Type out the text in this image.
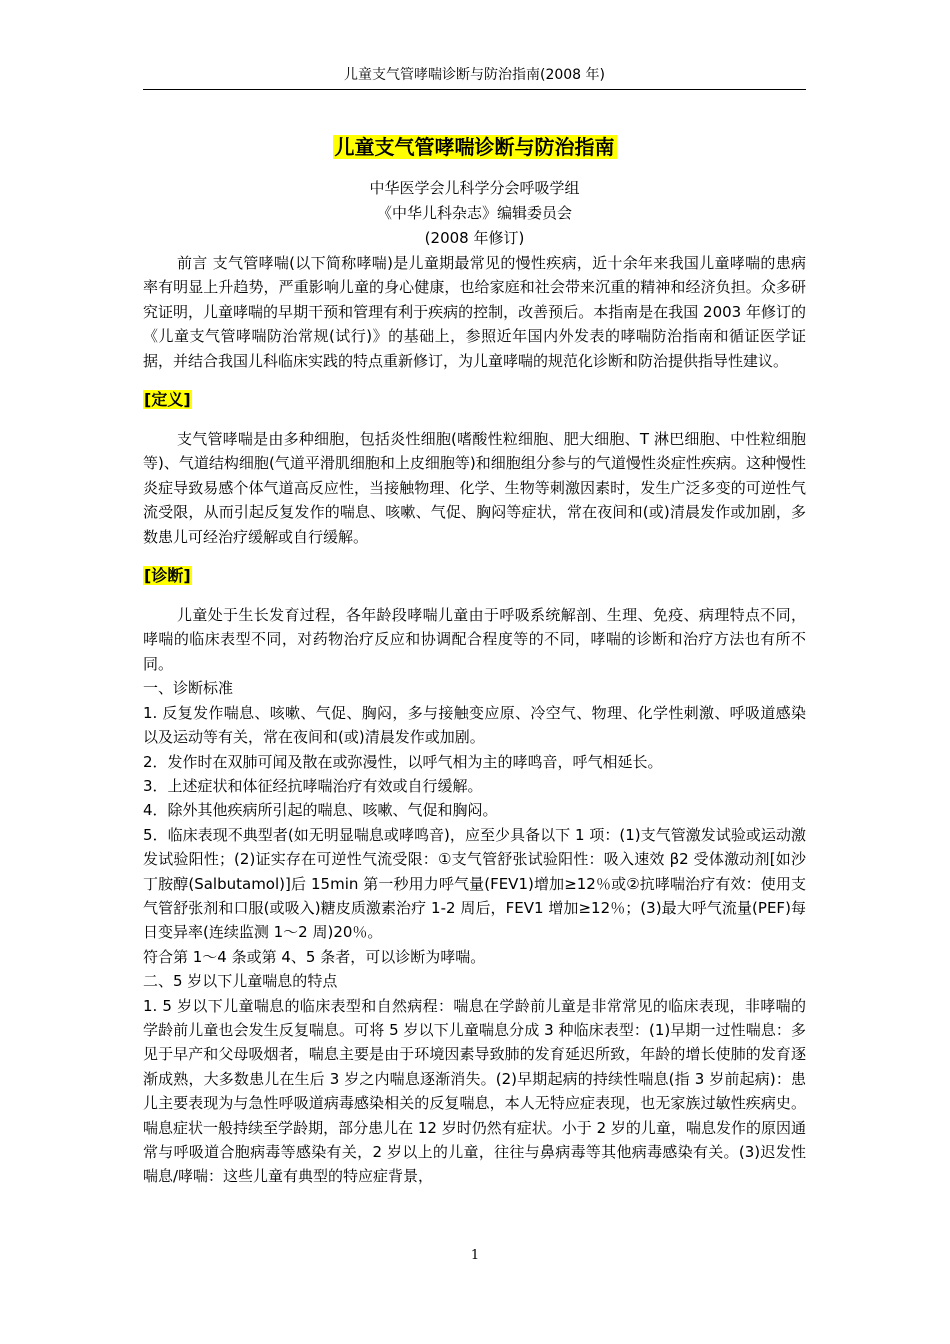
儿童支气管哮喘诊断与防治指南(2008 年)
儿童支气管哮喘诊断与防治指南

中华医学会儿科学分会呼吸学组

《中华儿科杂志》编辑委员会

(2008 年修订)

前言 支气管哮喘(以下简称哮喘)是儿童期最常见的慢性疾病，近十余年来我国儿童哮喘的患病率有明显上升趋势，严重影响儿童的身心健康，也给家庭和社会带来沉重的精神和经济负担。众多研究证明，儿童哮喘的早期干预和管理有利于疾病的控制，改善预后。本指南是在我国 2003 年修订的《儿童支气管哮喘防治常规(试行)》的基础上，参照近年国内外发表的哮喘防治指南和循证医学证据，并结合我国儿科临床实践的特点重新修订，为儿童哮喘的规范化诊断和防治提供指导性建议。

[定义]

支气管哮喘是由多种细胞，包括炎性细胞(嗜酸性粒细胞、肥大细胞、T 淋巴细胞、中性粒细胞等)、气道结构细胞(气道平滑肌细胞和上皮细胞等)和细胞组分参与的气道慢性炎症性疾病。这种慢性炎症导致易感个体气道高反应性，当接触物理、化学、生物等刺激因素时，发生广泛多变的可逆性气流受限，从而引起反复发作的喘息、咳嗽、气促、胸闷等症状，常在夜间和(或)清晨发作或加剧，多数患儿可经治疗缓解或自行缓解。

[诊断]

儿童处于生长发育过程，各年龄段哮喘儿童由于呼吸系统解剖、生理、免疫、病理特点不同，哮喘的临床表型不同，对药物治疗反应和协调配合程度等的不同，哮喘的诊断和治疗方法也有所不同。

一、诊断标准

1. 反复发作喘息、咳嗽、气促、胸闷，多与接触变应原、冷空气、物理、化学性刺激、呼吸道感染以及运动等有关，常在夜间和(或)清晨发作或加剧。

2．发作时在双肺可闻及散在或弥漫性，以呼气相为主的哮鸣音，呼气相延长。

3．上述症状和体征经抗哮喘治疗有效或自行缓解。

4．除外其他疾病所引起的喘息、咳嗽、气促和胸闷。

5．临床表现不典型者(如无明显喘息或哮鸣音)，应至少具备以下 1 项：(1)支气管激发试验或运动激发试验阳性；(2)证实存在可逆性气流受限：①支气管舒张试验阳性：吸入速效 β2 受体激动剂[如沙丁胺醇(Salbutamol)]后 15min 第一秒用力呼气量(FEV1)增加≥12％或②抗哮喘治疗有效：使用支气管舒张剂和口服(或吸入)糖皮质激素治疗 1-2 周后，FEV1 增加≥12％；(3)最大呼气流量(PEF)每日变异率(连续监测 1～2 周)20％。

符合第 1～4 条或第 4、5 条者，可以诊断为哮喘。

二、5 岁以下儿童喘息的特点

1. 5 岁以下儿童喘息的临床表型和自然病程：喘息在学龄前儿童是非常常见的临床表现，非哮喘的学龄前儿童也会发生反复喘息。可将 5 岁以下儿童喘息分成 3 种临床表型：(1)早期一过性喘息：多见于早产和父母吸烟者，喘息主要是由于环境因素导致肺的发育延迟所致，年龄的增长使肺的发育逐渐成熟，大多数患儿在生后 3 岁之内喘息逐渐消失。(2)早期起病的持续性喘息(指 3 岁前起病)：患儿主要表现为与急性呼吸道病毒感染相关的反复喘息，本人无特应症表现，也无家族过敏性疾病史。喘息症状一般持续至学龄期，部分患儿在 12 岁时仍然有症状。小于 2 岁的儿童，喘息发作的原因通常与呼吸道合胞病毒等感染有关，2 岁以上的儿童，往往与鼻病毒等其他病毒感染有关。(3)迟发性喘息/哮喘：这些儿童有典型的特应症背景，

1
